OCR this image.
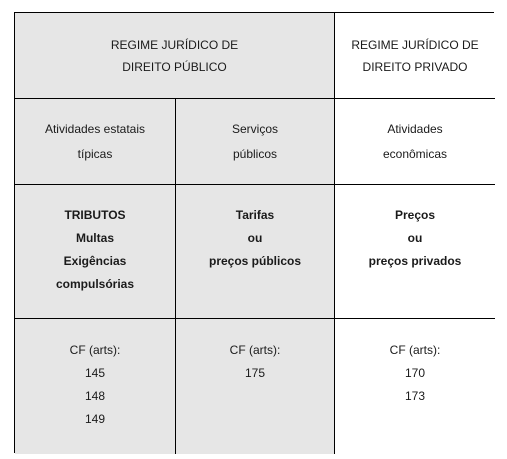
REGIME JURÍDICO DE
DIREITO PÚBLICO
REGIME JURÍDICO DE
DIREITO PRIVADO
Atividades estatais
típicas
Serviços
públicos
Atividades
econômicas
TRIBUTOS
Multas
Exigências
compulsórias
Tarifas
ou
preços públicos
Preços
ou
preços privados
CF (arts):
145
148
149
CF (arts):
175
CF (arts):
170
173
